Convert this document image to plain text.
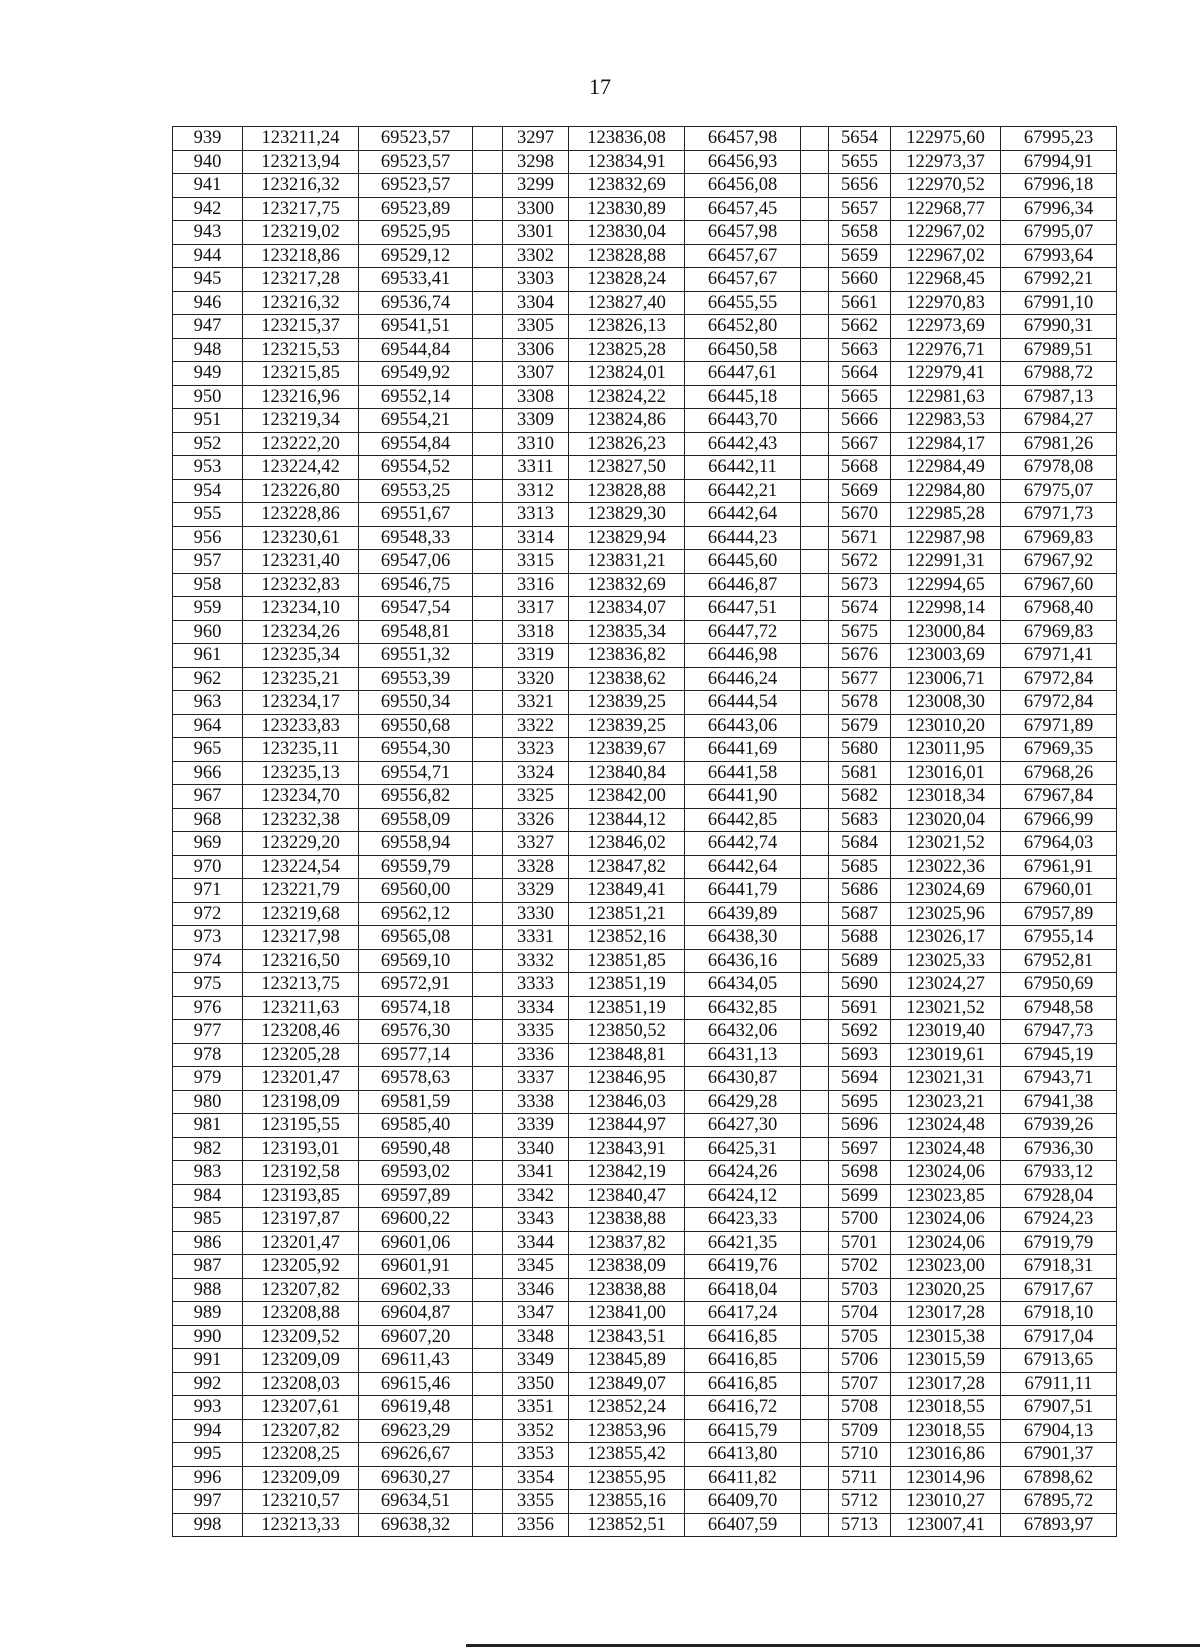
17
939	123211,24	69523,57		3297	123836,08	66457,98		5654	122975,60	67995,23
940	123213,94	69523,57		3298	123834,91	66456,93		5655	122973,37	67994,91
941	123216,32	69523,57		3299	123832,69	66456,08		5656	122970,52	67996,18
942	123217,75	69523,89		3300	123830,89	66457,45		5657	122968,77	67996,34
943	123219,02	69525,95		3301	123830,04	66457,98		5658	122967,02	67995,07
944	123218,86	69529,12		3302	123828,88	66457,67		5659	122967,02	67993,64
945	123217,28	69533,41		3303	123828,24	66457,67		5660	122968,45	67992,21
946	123216,32	69536,74		3304	123827,40	66455,55		5661	122970,83	67991,10
947	123215,37	69541,51		3305	123826,13	66452,80		5662	122973,69	67990,31
948	123215,53	69544,84		3306	123825,28	66450,58		5663	122976,71	67989,51
949	123215,85	69549,92		3307	123824,01	66447,61		5664	122979,41	67988,72
950	123216,96	69552,14		3308	123824,22	66445,18		5665	122981,63	67987,13
951	123219,34	69554,21		3309	123824,86	66443,70		5666	122983,53	67984,27
952	123222,20	69554,84		3310	123826,23	66442,43		5667	122984,17	67981,26
953	123224,42	69554,52		3311	123827,50	66442,11		5668	122984,49	67978,08
954	123226,80	69553,25		3312	123828,88	66442,21		5669	122984,80	67975,07
955	123228,86	69551,67		3313	123829,30	66442,64		5670	122985,28	67971,73
956	123230,61	69548,33		3314	123829,94	66444,23		5671	122987,98	67969,83
957	123231,40	69547,06		3315	123831,21	66445,60		5672	122991,31	67967,92
958	123232,83	69546,75		3316	123832,69	66446,87		5673	122994,65	67967,60
959	123234,10	69547,54		3317	123834,07	66447,51		5674	122998,14	67968,40
960	123234,26	69548,81		3318	123835,34	66447,72		5675	123000,84	67969,83
961	123235,34	69551,32		3319	123836,82	66446,98		5676	123003,69	67971,41
962	123235,21	69553,39		3320	123838,62	66446,24		5677	123006,71	67972,84
963	123234,17	69550,34		3321	123839,25	66444,54		5678	123008,30	67972,84
964	123233,83	69550,68		3322	123839,25	66443,06		5679	123010,20	67971,89
965	123235,11	69554,30		3323	123839,67	66441,69		5680	123011,95	67969,35
966	123235,13	69554,71		3324	123840,84	66441,58		5681	123016,01	67968,26
967	123234,70	69556,82		3325	123842,00	66441,90		5682	123018,34	67967,84
968	123232,38	69558,09		3326	123844,12	66442,85		5683	123020,04	67966,99
969	123229,20	69558,94		3327	123846,02	66442,74		5684	123021,52	67964,03
970	123224,54	69559,79		3328	123847,82	66442,64		5685	123022,36	67961,91
971	123221,79	69560,00		3329	123849,41	66441,79		5686	123024,69	67960,01
972	123219,68	69562,12		3330	123851,21	66439,89		5687	123025,96	67957,89
973	123217,98	69565,08		3331	123852,16	66438,30		5688	123026,17	67955,14
974	123216,50	69569,10		3332	123851,85	66436,16		5689	123025,33	67952,81
975	123213,75	69572,91		3333	123851,19	66434,05		5690	123024,27	67950,69
976	123211,63	69574,18		3334	123851,19	66432,85		5691	123021,52	67948,58
977	123208,46	69576,30		3335	123850,52	66432,06		5692	123019,40	67947,73
978	123205,28	69577,14		3336	123848,81	66431,13		5693	123019,61	67945,19
979	123201,47	69578,63		3337	123846,95	66430,87		5694	123021,31	67943,71
980	123198,09	69581,59		3338	123846,03	66429,28		5695	123023,21	67941,38
981	123195,55	69585,40		3339	123844,97	66427,30		5696	123024,48	67939,26
982	123193,01	69590,48		3340	123843,91	66425,31		5697	123024,48	67936,30
983	123192,58	69593,02		3341	123842,19	66424,26		5698	123024,06	67933,12
984	123193,85	69597,89		3342	123840,47	66424,12		5699	123023,85	67928,04
985	123197,87	69600,22		3343	123838,88	66423,33		5700	123024,06	67924,23
986	123201,47	69601,06		3344	123837,82	66421,35		5701	123024,06	67919,79
987	123205,92	69601,91		3345	123838,09	66419,76		5702	123023,00	67918,31
988	123207,82	69602,33		3346	123838,88	66418,04		5703	123020,25	67917,67
989	123208,88	69604,87		3347	123841,00	66417,24		5704	123017,28	67918,10
990	123209,52	69607,20		3348	123843,51	66416,85		5705	123015,38	67917,04
991	123209,09	69611,43		3349	123845,89	66416,85		5706	123015,59	67913,65
992	123208,03	69615,46		3350	123849,07	66416,85		5707	123017,28	67911,11
993	123207,61	69619,48		3351	123852,24	66416,72		5708	123018,55	67907,51
994	123207,82	69623,29		3352	123853,96	66415,79		5709	123018,55	67904,13
995	123208,25	69626,67		3353	123855,42	66413,80		5710	123016,86	67901,37
996	123209,09	69630,27		3354	123855,95	66411,82		5711	123014,96	67898,62
997	123210,57	69634,51		3355	123855,16	66409,70		5712	123010,27	67895,72
998	123213,33	69638,32		3356	123852,51	66407,59		5713	123007,41	67893,97
